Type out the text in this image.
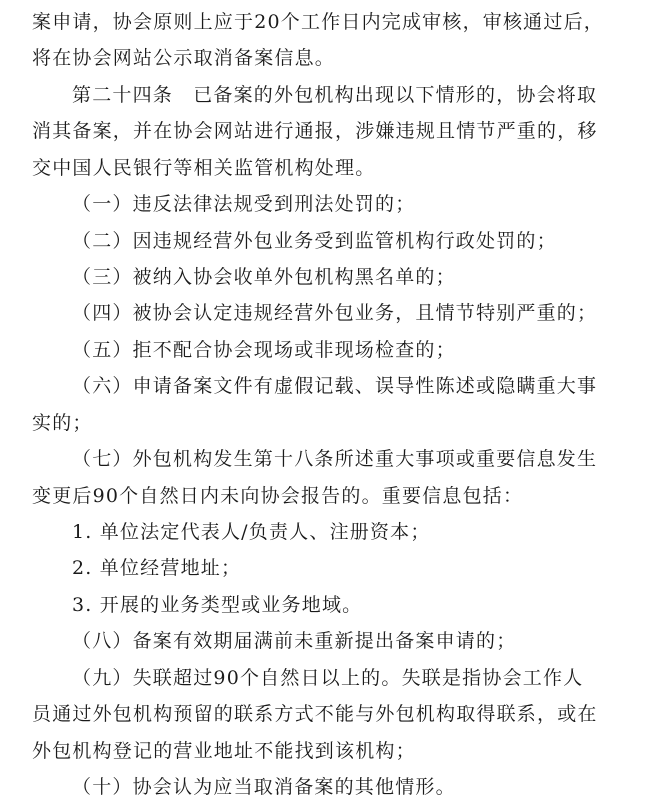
案申请，协会原则上应于20个工作日内完成审核，审核通过后，
将在协会网站公示取消备案信息。
第二十四条　已备案的外包机构出现以下情形的，协会将取
消其备案，并在协会网站进行通报，涉嫌违规且情节严重的，移
交中国人民银行等相关监管机构处理。
（一）违反法律法规受到刑法处罚的；
（二）因违规经营外包业务受到监管机构行政处罚的；
（三）被纳入协会收单外包机构黑名单的；
（四）被协会认定违规经营外包业务，且情节特别严重的；
（五）拒不配合协会现场或非现场检查的；
（六）申请备案文件有虚假记载、误导性陈述或隐瞒重大事
实的；
（七）外包机构发生第十八条所述重大事项或重要信息发生
变更后90个自然日内未向协会报告的。重要信息包括：
1. 单位法定代表人/负责人、注册资本；
2. 单位经营地址；
3. 开展的业务类型或业务地域。
（八）备案有效期届满前未重新提出备案申请的；
（九）失联超过90个自然日以上的。失联是指协会工作人
员通过外包机构预留的联系方式不能与外包机构取得联系，或在
外包机构登记的营业地址不能找到该机构；
（十）协会认为应当取消备案的其他情形。
